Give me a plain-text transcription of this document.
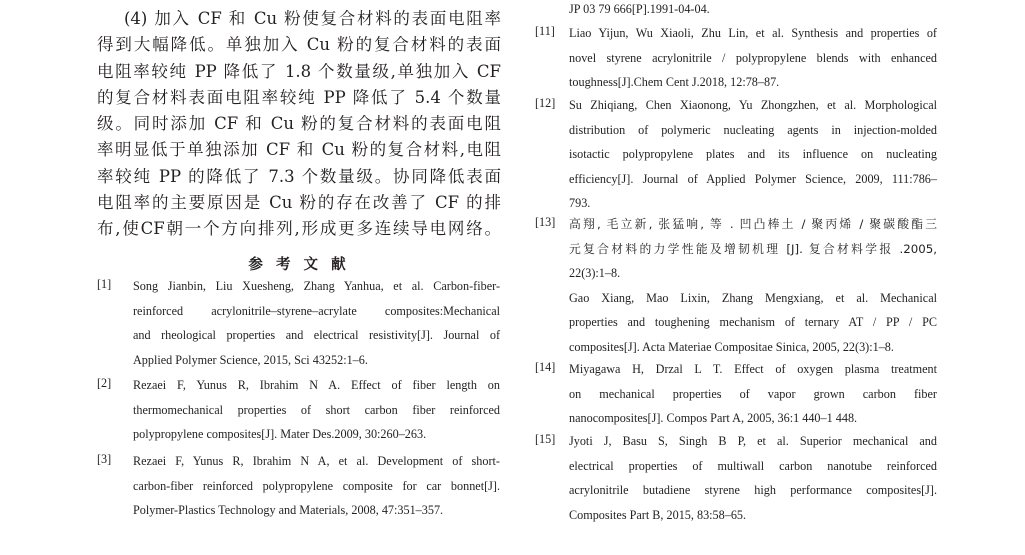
(4) 加入 CF 和 Cu 粉使复合材料的表面电阻率
得到大幅降低。单独加入 Cu 粉的复合材料的表面
电阻率较纯 PP 降低了 1.8 个数量级,单独加入 CF
的复合材料表面电阻率较纯 PP 降低了 5.4 个数量
级。同时添加 CF 和 Cu 粉的复合材料的表面电阻
率明显低于单独添加 CF 和 Cu 粉的复合材料,电阻
率较纯 PP 的降低了 7.3 个数量级。协同降低表面
电阻率的主要原因是 Cu 粉的存在改善了 CF 的排
布,使CF朝一个方向排列,形成更多连续导电网络。
参 考 文 献
[1] Song Jianbin, Liu Xuesheng, Zhang Yanhua, et al. Carbon-fiber-
reinforced acrylonitrile–styrene–acrylate composites:Mechanical
and rheological properties and electrical resistivity[J]. Journal of
Applied Polymer Science, 2015, Sci 43252:1–6.
[2] Rezaei F, Yunus R, Ibrahim N A. Effect of fiber length on
thermomechanical properties of short carbon fiber reinforced
polypropylene composites[J]. Mater Des.2009, 30:260–263.
[3] Rezaei F, Yunus R, Ibrahim N A, et al. Development of short-
carbon-fiber reinforced polypropylene composite for car bonnet[J].
Polymer-Plastics Technology and Materials, 2008, 47:351–357.
JP 03 79 666[P].1991-04-04.
[11] Liao Yijun, Wu Xiaoli, Zhu Lin, et al. Synthesis and properties of
novel styrene acrylonitrile / polypropylene blends with enhanced
toughness[J].Chem Cent J.2018, 12:78–87.
[12] Su Zhiqiang, Chen Xiaonong, Yu Zhongzhen, et al. Morphological
distribution of polymeric nucleating agents in injection-molded
isotactic polypropylene plates and its influence on nucleating
efficiency[J]. Journal of Applied Polymer Science, 2009, 111:786–
793.
[13] 高翔, 毛立新, 张猛响, 等 . 凹凸棒土 / 聚丙烯 / 聚碳酸酯三
元复合材料的力学性能及增韧机理 [J]. 复合材料学报 .2005,
22(3):1–8.
Gao Xiang, Mao Lixin, Zhang Mengxiang, et al. Mechanical
properties and toughening mechanism of ternary AT / PP / PC
composites[J]. Acta Materiae Compositae Sinica, 2005, 22(3):1–8.
[14] Miyagawa H, Drzal L T. Effect of oxygen plasma treatment
on mechanical properties of vapor grown carbon fiber
nanocomposites[J]. Compos Part A, 2005, 36:1 440–1 448.
[15] Jyoti J, Basu S, Singh B P, et al. Superior mechanical and
electrical properties of multiwall carbon nanotube reinforced
acrylonitrile butadiene styrene high performance composites[J].
Composites Part B, 2015, 83:58–65.
